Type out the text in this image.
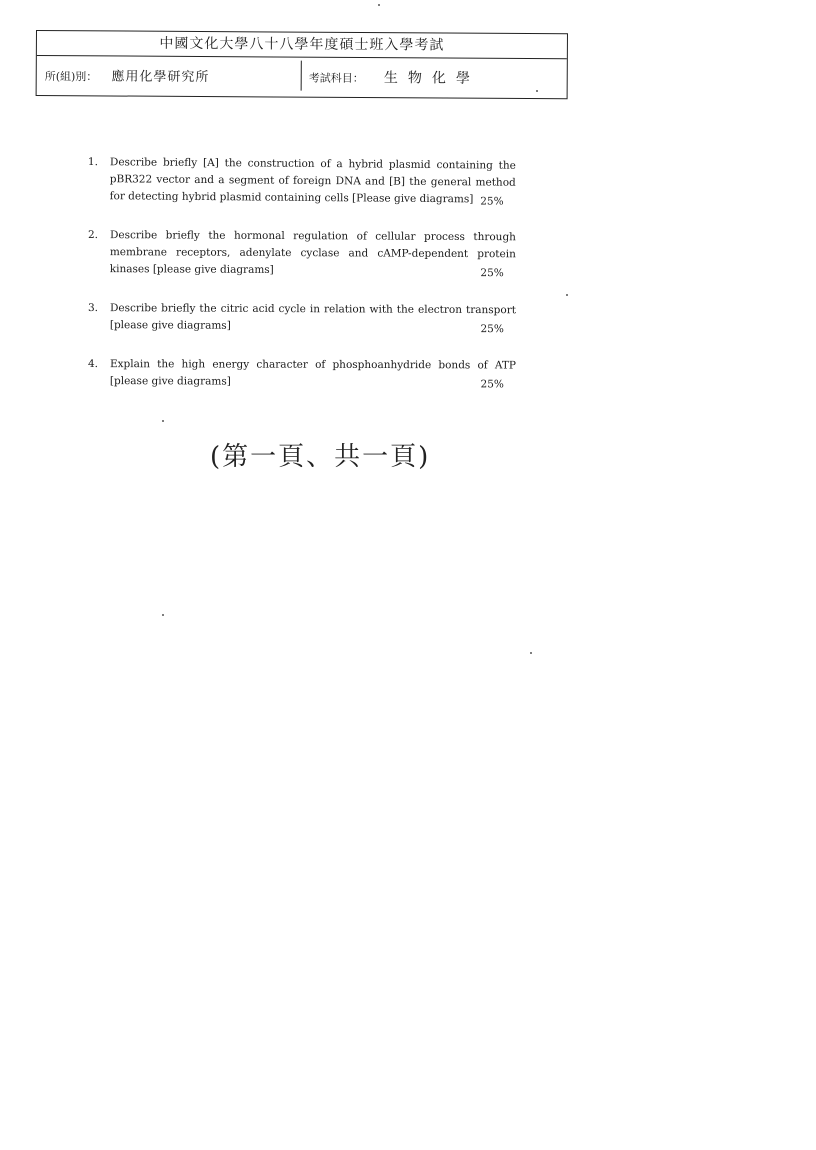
中國文化大學八十八學年度碩士班入學考試
所(組)別： 應用化學研究所	考試科目： 生物化學
1. Describe briefly [A] the construction of a hybrid plasmid containing the pBR322 vector and a segment of foreign DNA and [B] the general method for detecting hybrid plasmid containing cells [Please give diagrams] 25%
2. Describe briefly the hormonal regulation of cellular process through membrane receptors, adenylate cyclase and cAMP-dependent protein kinases [please give diagrams]	25%
3. Describe briefly the citric acid cycle in relation with the electron transport [please give diagrams]	25%
4. Explain the high energy character of phosphoanhydride bonds of ATP [please give diagrams]	25%
(第一頁、共一頁)
